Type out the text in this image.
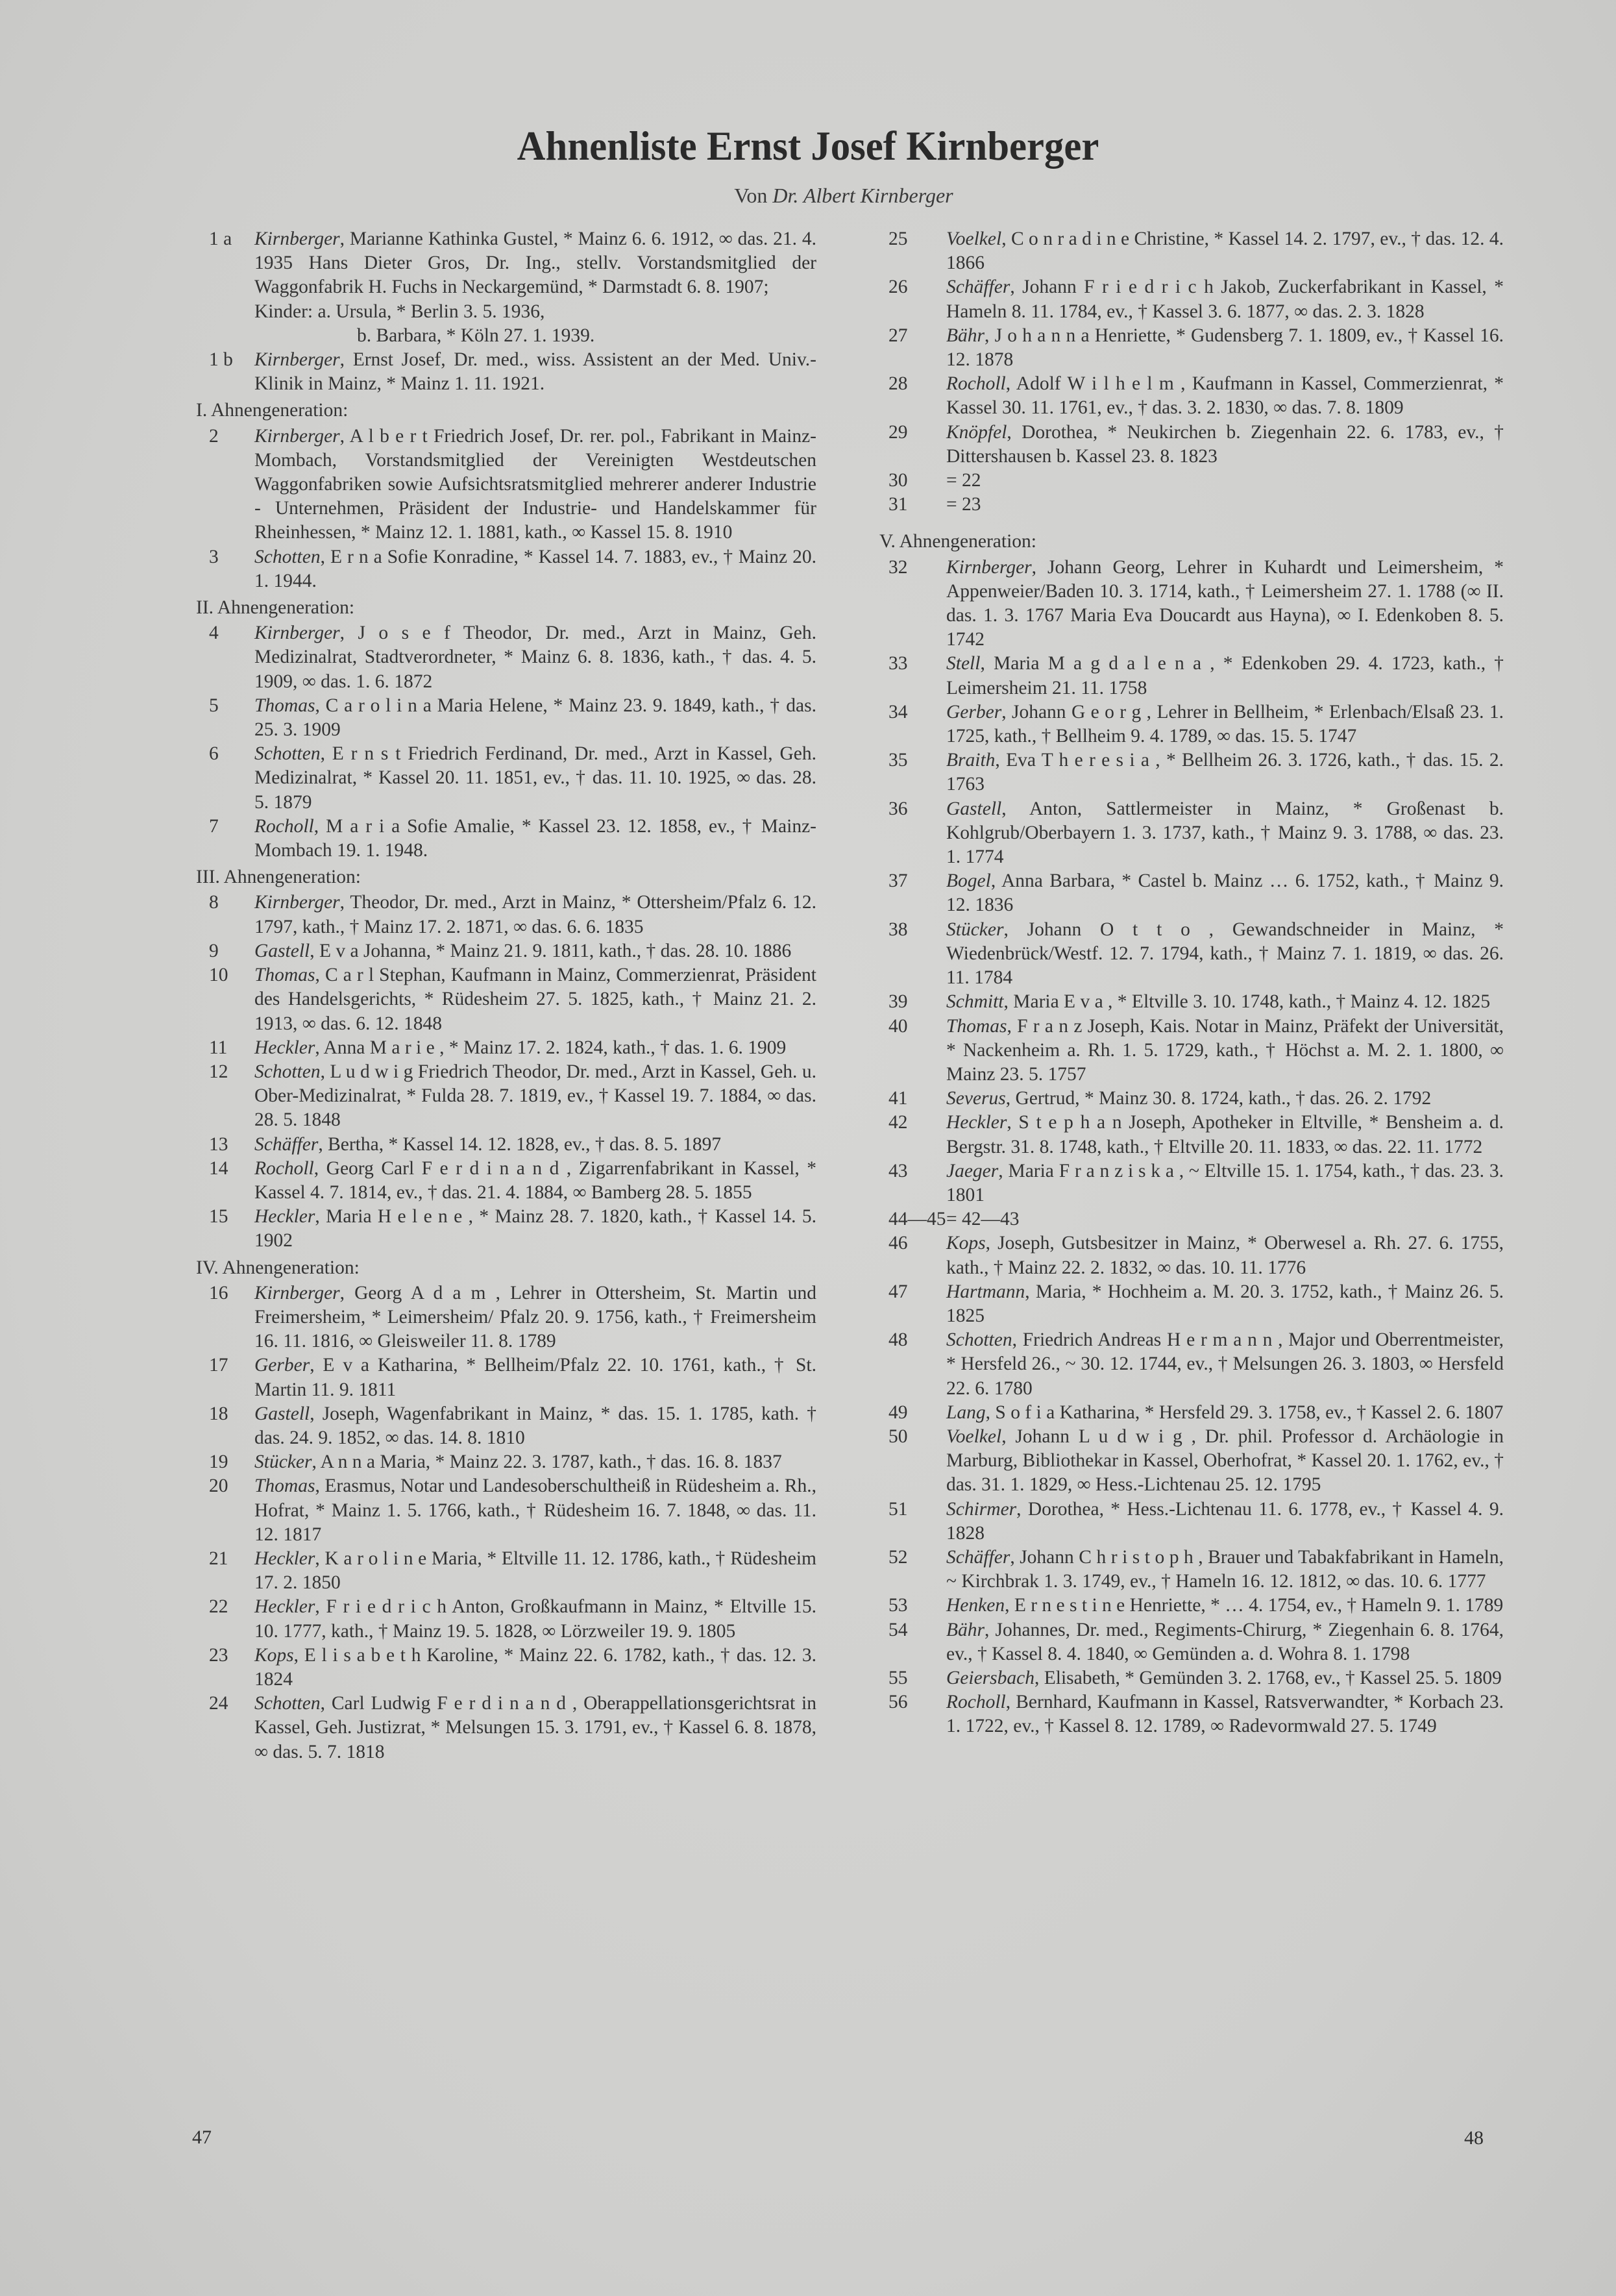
Ahnenliste Ernst Josef Kirnberger
Von Dr. Albert Kirnberger
1 a	Kirnberger, Marianne Kathinka Gustel, * Mainz 6. 6. 1912, ∞ das. 21. 4. 1935 Hans Dieter Gros, Dr. Ing., stellv. Vorstandsmitglied der Waggonfabrik H. Fuchs in Neckargemünd, * Darmstadt 6. 8. 1907;
Kinder: a. Ursula, * Berlin 3. 5. 1936,
b. Barbara, * Köln 27. 1. 1939.
1 b	Kirnberger, Ernst Josef, Dr. med., wiss. Assistent an der Med. Univ.-Klinik in Mainz, * Mainz 1. 11. 1921.
I. Ahnengeneration:
2	Kirnberger, A l b e r t Friedrich Josef, Dr. rer. pol., Fabrikant in Mainz-Mombach, Vorstandsmitglied der Vereinigten Westdeutschen Waggonfabriken sowie Aufsichtsratsmitglied mehrerer anderer Industrie - Unternehmen, Präsident der Industrie- und Handelskammer für Rheinhessen, * Mainz 12. 1. 1881, kath., ∞ Kassel 15. 8. 1910
3	Schotten, E r n a Sofie Konradine, * Kassel 14. 7. 1883, ev., † Mainz 20. 1. 1944.
II. Ahnengeneration:
4	Kirnberger, J o s e f Theodor, Dr. med., Arzt in Mainz, Geh. Medizinalrat, Stadtverordneter, * Mainz 6. 8. 1836, kath., † das. 4. 5. 1909, ∞ das. 1. 6. 1872
5	Thomas, C a r o l i n a Maria Helene, * Mainz 23. 9. 1849, kath., † das. 25. 3. 1909
6	Schotten, E r n s t Friedrich Ferdinand, Dr. med., Arzt in Kassel, Geh. Medizinalrat, * Kassel 20. 11. 1851, ev., † das. 11. 10. 1925, ∞ das. 28. 5. 1879
7	Rocholl, M a r i a Sofie Amalie, * Kassel 23. 12. 1858, ev., † Mainz-Mombach 19. 1. 1948.
III. Ahnengeneration:
8	Kirnberger, Theodor, Dr. med., Arzt in Mainz, * Ottersheim/Pfalz 6. 12. 1797, kath., † Mainz 17. 2. 1871, ∞ das. 6. 6. 1835
9	Gastell, E v a Johanna, * Mainz 21. 9. 1811, kath., † das. 28. 10. 1886
10	Thomas, C a r l Stephan, Kaufmann in Mainz, Commerzienrat, Präsident des Handelsgerichts, * Rüdesheim 27. 5. 1825, kath., † Mainz 21. 2. 1913, ∞ das. 6. 12. 1848
11	Heckler, Anna M a r i e , * Mainz 17. 2. 1824, kath., † das. 1. 6. 1909
12	Schotten, L u d w i g Friedrich Theodor, Dr. med., Arzt in Kassel, Geh. u. Ober-Medizinalrat, * Fulda 28. 7. 1819, ev., † Kassel 19. 7. 1884, ∞ das. 28. 5. 1848
13	Schäffer, Bertha, * Kassel 14. 12. 1828, ev., † das. 8. 5. 1897
14	Rocholl, Georg Carl F e r d i n a n d , Zigarrenfabrikant in Kassel, * Kassel 4. 7. 1814, ev., † das. 21. 4. 1884, ∞ Bamberg 28. 5. 1855
15	Heckler, Maria H e l e n e , * Mainz 28. 7. 1820, kath., † Kassel 14. 5. 1902
IV. Ahnengeneration:
16	Kirnberger, Georg A d a m , Lehrer in Ottersheim, St. Martin und Freimersheim, * Leimersheim/ Pfalz 20. 9. 1756, kath., † Freimersheim 16. 11. 1816, ∞ Gleisweiler 11. 8. 1789
17	Gerber, E v a Katharina, * Bellheim/Pfalz 22. 10. 1761, kath., † St. Martin 11. 9. 1811
18	Gastell, Joseph, Wagenfabrikant in Mainz, * das. 15. 1. 1785, kath. † das. 24. 9. 1852, ∞ das. 14. 8. 1810
19	Stücker, A n n a Maria, * Mainz 22. 3. 1787, kath., † das. 16. 8. 1837
20	Thomas, Erasmus, Notar und Landesoberschultheiß in Rüdesheim a. Rh., Hofrat, * Mainz 1. 5. 1766, kath., † Rüdesheim 16. 7. 1848, ∞ das. 11. 12. 1817
21	Heckler, K a r o l i n e Maria, * Eltville 11. 12. 1786, kath., † Rüdesheim 17. 2. 1850
22	Heckler, F r i e d r i c h Anton, Großkaufmann in Mainz, * Eltville 15. 10. 1777, kath., † Mainz 19. 5. 1828, ∞ Lörzweiler 19. 9. 1805
23	Kops, E l i s a b e t h Karoline, * Mainz 22. 6. 1782, kath., † das. 12. 3. 1824
24	Schotten, Carl Ludwig F e r d i n a n d , Oberappellationsgerichtsrat in Kassel, Geh. Justizrat, * Melsungen 15. 3. 1791, ev., † Kassel 6. 8. 1878, ∞ das. 5. 7. 1818
25	Voelkel, C o n r a d i n e Christine, * Kassel 14. 2. 1797, ev., † das. 12. 4. 1866
26	Schäffer, Johann F r i e d r i c h Jakob, Zuckerfabrikant in Kassel, * Hameln 8. 11. 1784, ev., † Kassel 3. 6. 1877, ∞ das. 2. 3. 1828
27	Bähr, J o h a n n a Henriette, * Gudensberg 7. 1. 1809, ev., † Kassel 16. 12. 1878
28	Rocholl, Adolf W i l h e l m , Kaufmann in Kassel, Commerzienrat, * Kassel 30. 11. 1761, ev., † das. 3. 2. 1830, ∞ das. 7. 8. 1809
29	Knöpfel, Dorothea, * Neukirchen b. Ziegenhain 22. 6. 1783, ev., † Dittershausen b. Kassel 23. 8. 1823
30	= 22
31	= 23
V. Ahnengeneration:
32	Kirnberger, Johann Georg, Lehrer in Kuhardt und Leimersheim, * Appenweier/Baden 10. 3. 1714, kath., † Leimersheim 27. 1. 1788 (∞ II. das. 1. 3. 1767 Maria Eva Doucardt aus Hayna), ∞ I. Edenkoben 8. 5. 1742
33	Stell, Maria M a g d a l e n a , * Edenkoben 29. 4. 1723, kath., † Leimersheim 21. 11. 1758
34	Gerber, Johann G e o r g , Lehrer in Bellheim, * Erlenbach/Elsaß 23. 1. 1725, kath., † Bellheim 9. 4. 1789, ∞ das. 15. 5. 1747
35	Braith, Eva T h e r e s i a , * Bellheim 26. 3. 1726, kath., † das. 15. 2. 1763
36	Gastell, Anton, Sattlermeister in Mainz, * Großenast b. Kohlgrub/Oberbayern 1. 3. 1737, kath., † Mainz 9. 3. 1788, ∞ das. 23. 1. 1774
37	Bogel, Anna Barbara, * Castel b. Mainz … 6. 1752, kath., † Mainz 9. 12. 1836
38	Stücker, Johann O t t o , Gewandschneider in Mainz, * Wiedenbrück/Westf. 12. 7. 1794, kath., † Mainz 7. 1. 1819, ∞ das. 26. 11. 1784
39	Schmitt, Maria E v a , * Eltville 3. 10. 1748, kath., † Mainz 4. 12. 1825
40	Thomas, F r a n z Joseph, Kais. Notar in Mainz, Präfekt der Universität, * Nackenheim a. Rh. 1. 5. 1729, kath., † Höchst a. M. 2. 1. 1800, ∞ Mainz 23. 5. 1757
41	Severus, Gertrud, * Mainz 30. 8. 1724, kath., † das. 26. 2. 1792
42	Heckler, S t e p h a n Joseph, Apotheker in Eltville, * Bensheim a. d. Bergstr. 31. 8. 1748, kath., † Eltville 20. 11. 1833, ∞ das. 22. 11. 1772
43	Jaeger, Maria F r a n z i s k a , ~ Eltville 15. 1. 1754, kath., † das. 23. 3. 1801
44—45 = 42—43
46	Kops, Joseph, Gutsbesitzer in Mainz, * Oberwesel a. Rh. 27. 6. 1755, kath., † Mainz 22. 2. 1832, ∞ das. 10. 11. 1776
47	Hartmann, Maria, * Hochheim a. M. 20. 3. 1752, kath., † Mainz 26. 5. 1825
48	Schotten, Friedrich Andreas H e r m a n n , Major und Oberrentmeister, * Hersfeld 26., ~ 30. 12. 1744, ev., † Melsungen 26. 3. 1803, ∞ Hersfeld 22. 6. 1780
49	Lang, S o f i a Katharina, * Hersfeld 29. 3. 1758, ev., † Kassel 2. 6. 1807
50	Voelkel, Johann L u d w i g , Dr. phil. Professor d. Archäologie in Marburg, Bibliothekar in Kassel, Oberhofrat, * Kassel 20. 1. 1762, ev., † das. 31. 1. 1829, ∞ Hess.-Lichtenau 25. 12. 1795
51	Schirmer, Dorothea, * Hess.-Lichtenau 11. 6. 1778, ev., † Kassel 4. 9. 1828
52	Schäffer, Johann C h r i s t o p h , Brauer und Tabakfabrikant in Hameln, ~ Kirchbrak 1. 3. 1749, ev., † Hameln 16. 12. 1812, ∞ das. 10. 6. 1777
53	Henken, E r n e s t i n e Henriette, * … 4. 1754, ev., † Hameln 9. 1. 1789
54	Bähr, Johannes, Dr. med., Regiments-Chirurg, * Ziegenhain 6. 8. 1764, ev., † Kassel 8. 4. 1840, ∞ Gemünden a. d. Wohra 8. 1. 1798
55	Geiersbach, Elisabeth, * Gemünden 3. 2. 1768, ev., † Kassel 25. 5. 1809
56	Rocholl, Bernhard, Kaufmann in Kassel, Ratsverwandter, * Korbach 23. 1. 1722, ev., † Kassel 8. 12. 1789, ∞ Radevormwald 27. 5. 1749
47	48
